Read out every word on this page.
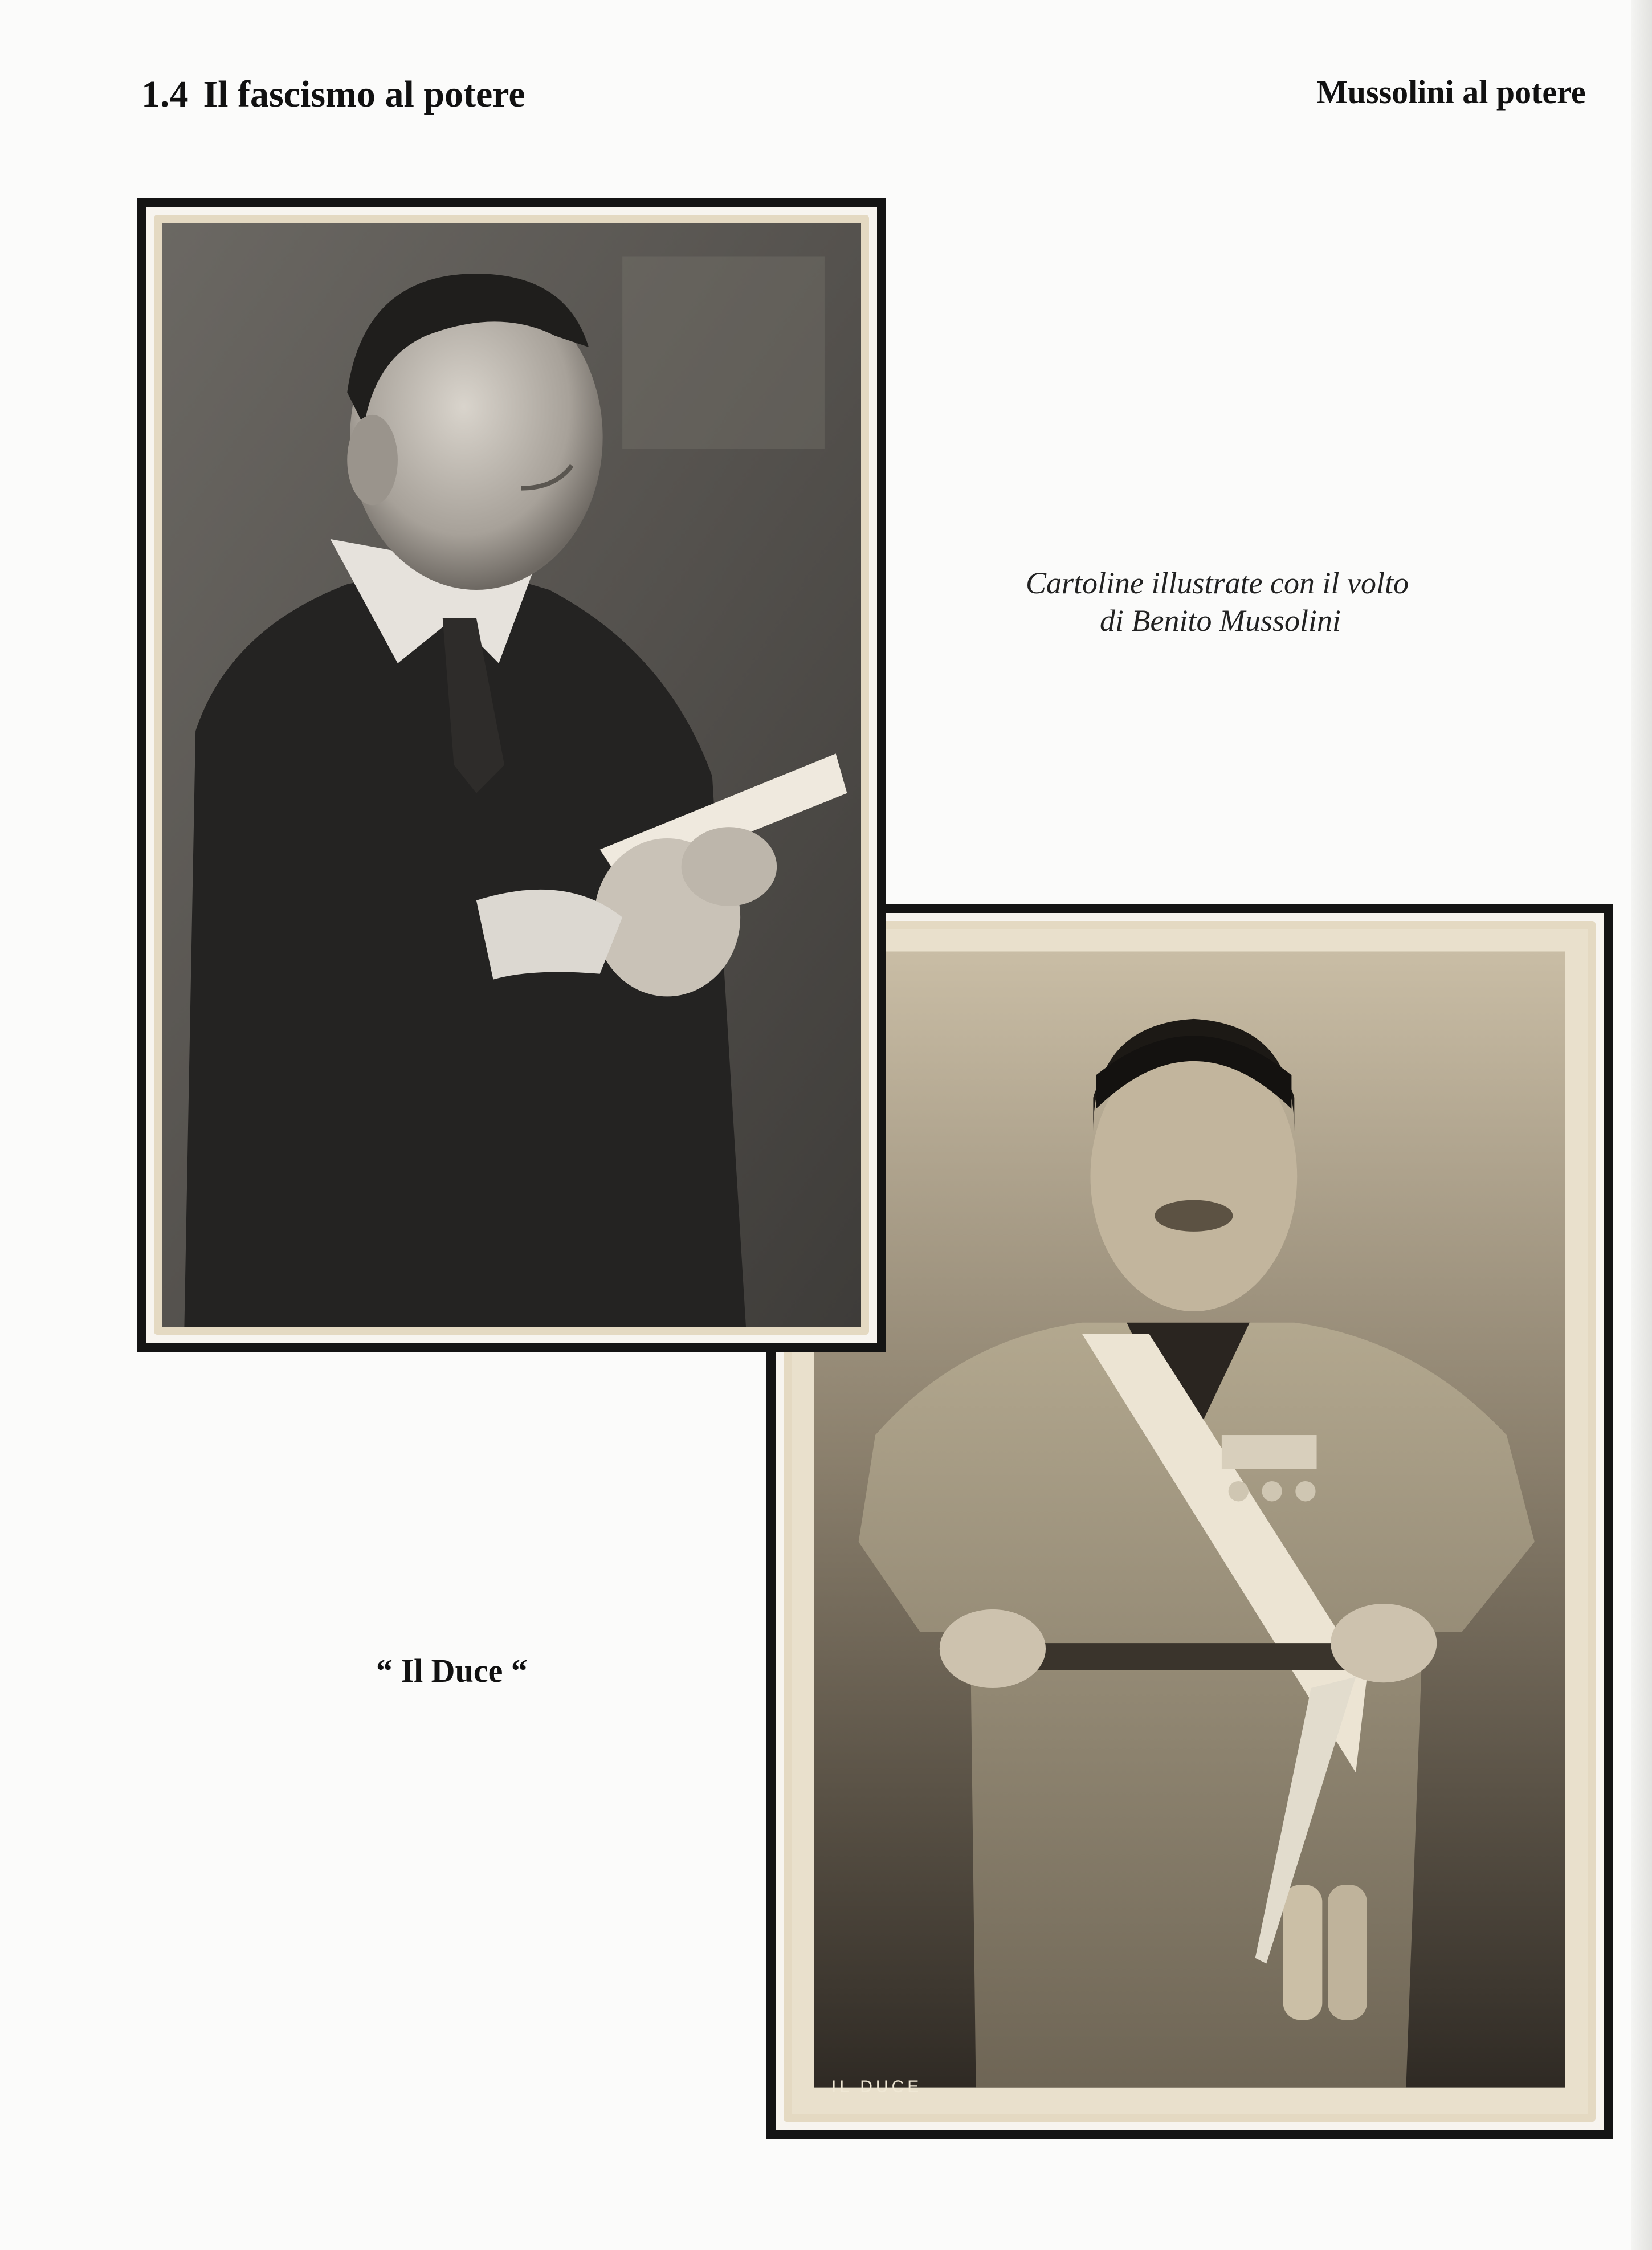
1.4 Il fascismo al potere	Mussolini al potere
Cartoline illustrate con il volto
di Benito Mussolini
“ Il Duce “
IL DUCE
